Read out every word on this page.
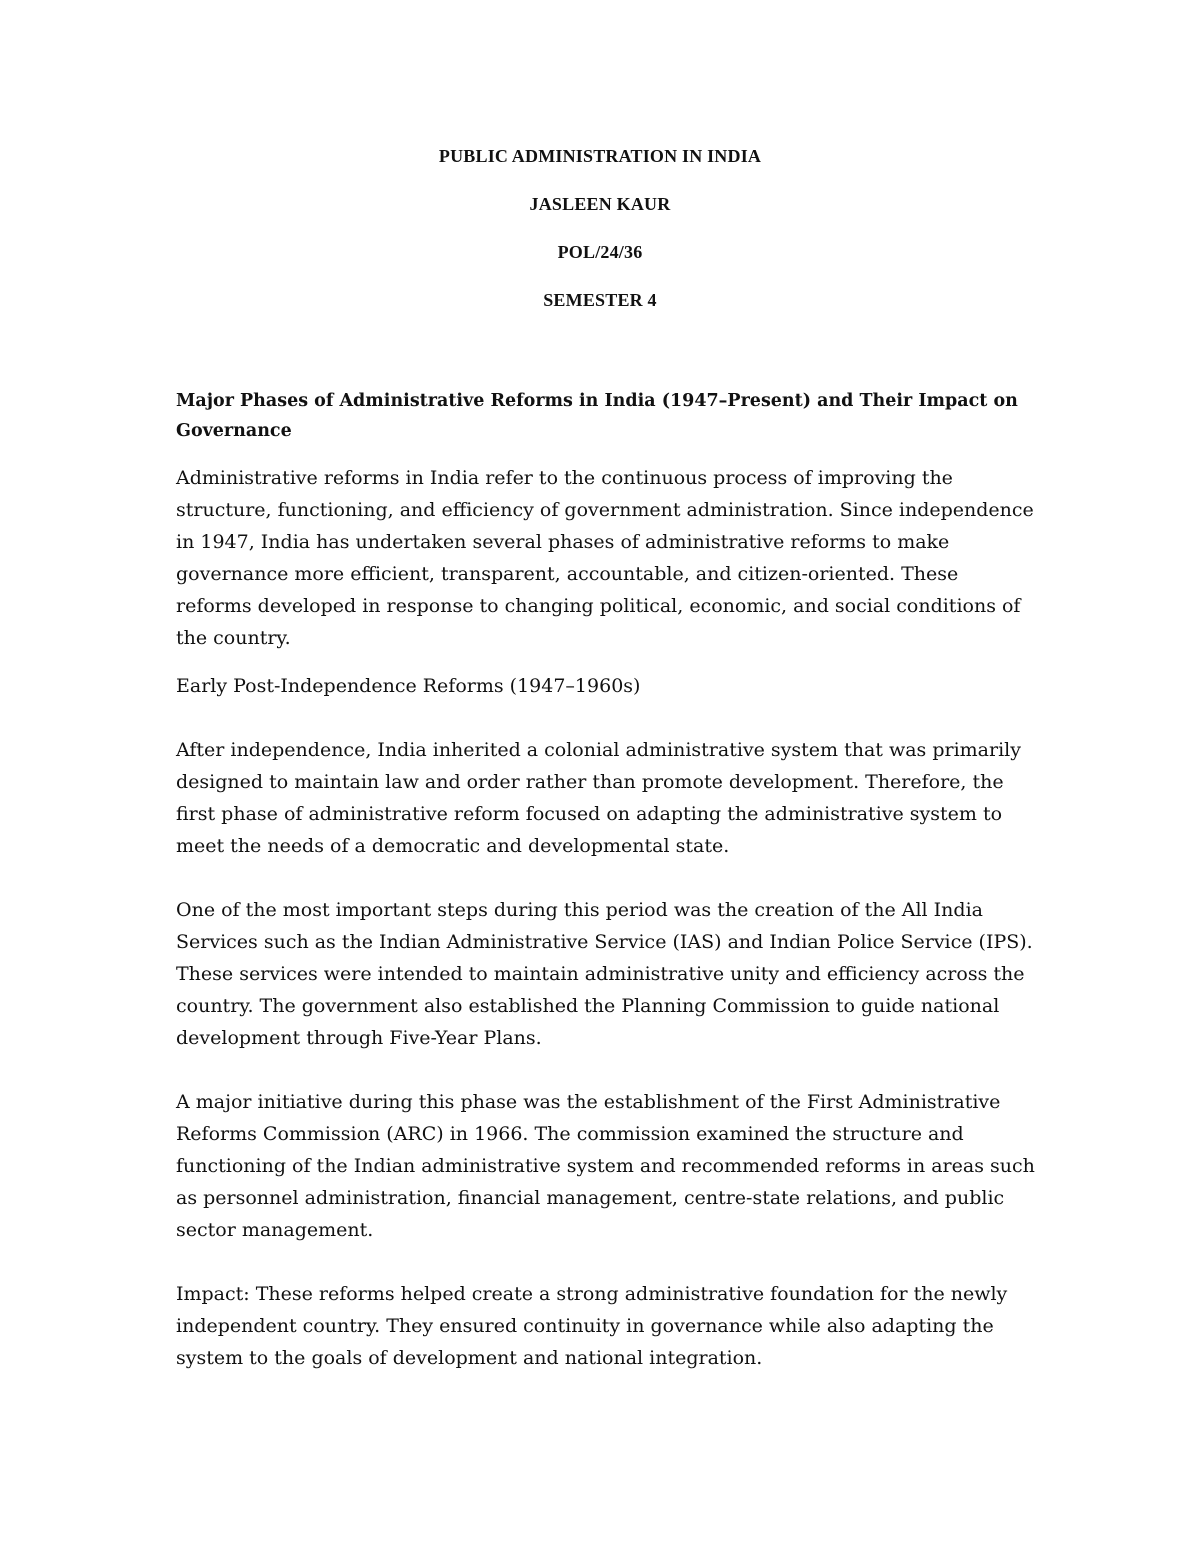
PUBLIC ADMINISTRATION IN INDIA
JASLEEN KAUR
POL/24/36
SEMESTER 4

Major Phases of Administrative Reforms in India (1947–Present) and Their Impact on Governance

Administrative reforms in India refer to the continuous process of improving the structure, functioning, and efficiency of government administration. Since independence in 1947, India has undertaken several phases of administrative reforms to make governance more efficient, transparent, accountable, and citizen-oriented. These reforms developed in response to changing political, economic, and social conditions of the country.

Early Post-Independence Reforms (1947–1960s)

After independence, India inherited a colonial administrative system that was primarily designed to maintain law and order rather than promote development. Therefore, the first phase of administrative reform focused on adapting the administrative system to meet the needs of a democratic and developmental state.

One of the most important steps during this period was the creation of the All India Services such as the Indian Administrative Service (IAS) and Indian Police Service (IPS). These services were intended to maintain administrative unity and efficiency across the country. The government also established the Planning Commission to guide national development through Five-Year Plans.

A major initiative during this phase was the establishment of the First Administrative Reforms Commission (ARC) in 1966. The commission examined the structure and functioning of the Indian administrative system and recommended reforms in areas such as personnel administration, financial management, centre-state relations, and public sector management.

Impact: These reforms helped create a strong administrative foundation for the newly independent country. They ensured continuity in governance while also adapting the system to the goals of development and national integration.
